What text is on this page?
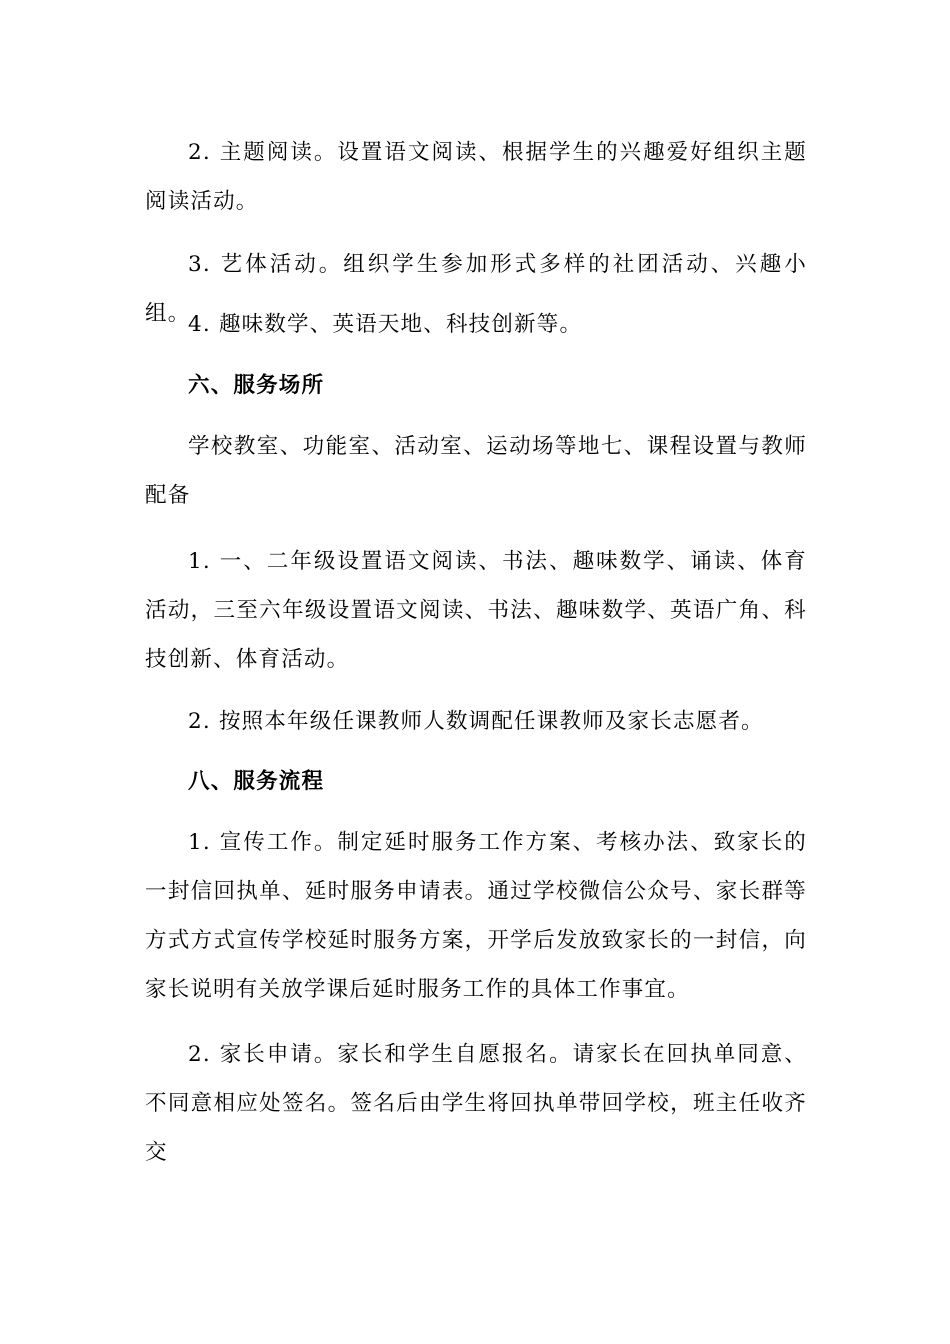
2. 主题阅读。设置语文阅读、根据学生的兴趣爱好组织主题阅读活动。

3. 艺体活动。组织学生参加形式多样的社团活动、兴趣小组。

4. 趣味数学、英语天地、科技创新等。

六、服务场所

学校教室、功能室、活动室、运动场等地七、课程设置与教师配备

1. 一、二年级设置语文阅读、书法、趣味数学、诵读、体育活动，三至六年级设置语文阅读、书法、趣味数学、英语广角、科技创新、体育活动。

2. 按照本年级任课教师人数调配任课教师及家长志愿者。

八、服务流程

1. 宣传工作。制定延时服务工作方案、考核办法、致家长的一封信回执单、延时服务申请表。通过学校微信公众号、家长群等方式方式宣传学校延时服务方案，开学后发放致家长的一封信，向家长说明有关放学课后延时服务工作的具体工作事宜。

2. 家长申请。家长和学生自愿报名。请家长在回执单同意、不同意相应处签名。签名后由学生将回执单带回学校，班主任收齐交
